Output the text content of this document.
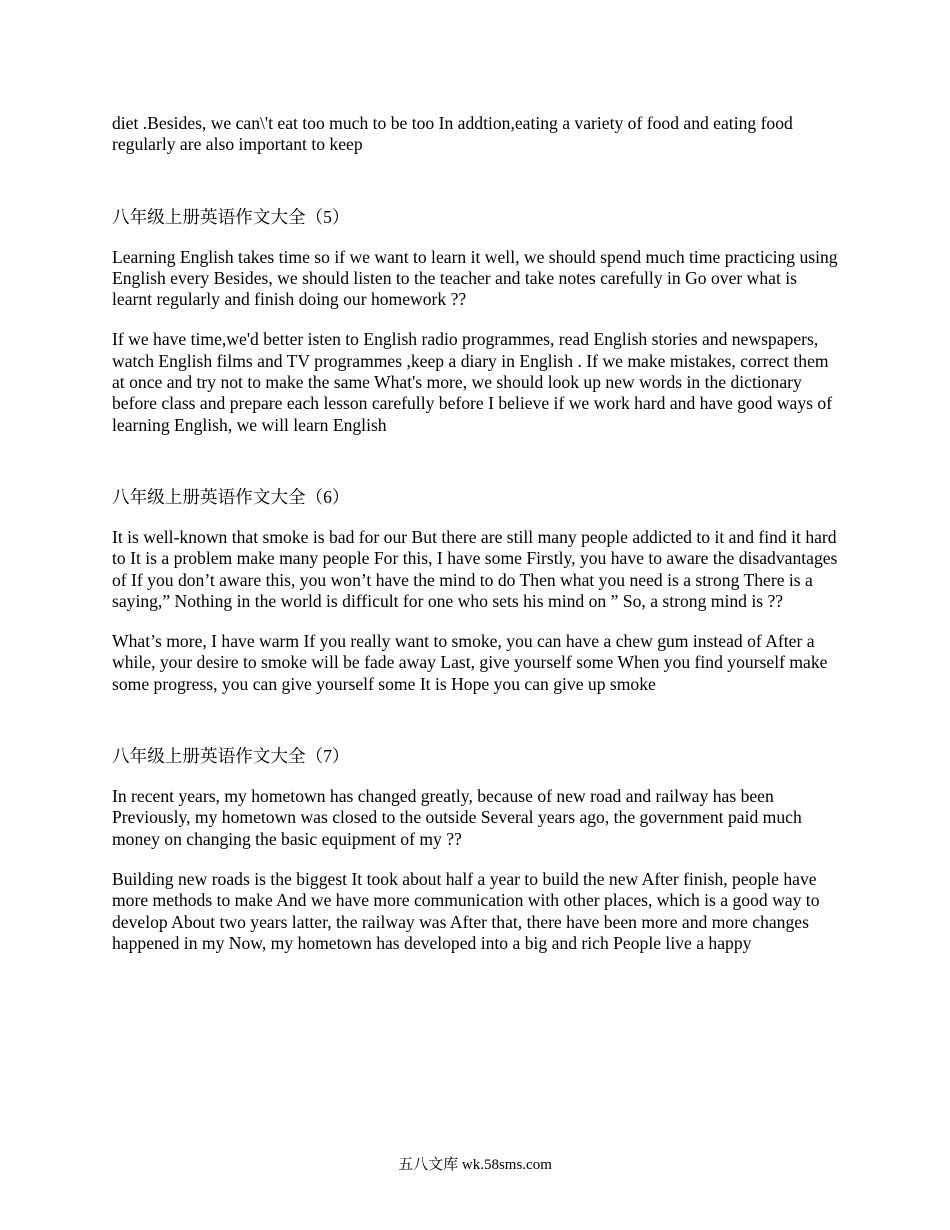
diet .Besides, we can\'t eat too much to be too In addtion,eating a variety of food and eating food regularly are also important to keep

八年级上册英语作文大全（5）

Learning English takes time so if we want to learn it well, we should spend much time practicing using English every Besides, we should listen to the teacher and take notes carefully in Go over what is learnt regularly and finish doing our homework ??

If we have time,we'd better isten to English radio programmes, read English stories and newspapers, watch English films and TV programmes ,keep a diary in English . If we make mistakes, correct them at once and try not to make the same What's more, we should look up new words in the dictionary before class and prepare each lesson carefully before I believe if we work hard and have good ways of learning English, we will learn English

八年级上册英语作文大全（6）

It is well-known that smoke is bad for our But there are still many people addicted to it and find it hard to It is a problem make many people For this, I have some Firstly, you have to aware the disadvantages of If you don’t aware this, you won’t have the mind to do Then what you need is a strong There is a saying,” Nothing in the world is difficult for one who sets his mind on ” So, a strong mind is ??

What’s more, I have warm If you really want to smoke, you can have a chew gum instead of After a while, your desire to smoke will be fade away Last, give yourself some When you find yourself make some progress, you can give yourself some It is Hope you can give up smoke

八年级上册英语作文大全（7）

In recent years, my hometown has changed greatly, because of new road and railway has been Previously, my hometown was closed to the outside Several years ago, the government paid much money on changing the basic equipment of my ??

Building new roads is the biggest It took about half a year to build the new After finish, people have more methods to make And we have more communication with other places, which is a good way to develop About two years latter, the railway was After that, there have been more and more changes happened in my Now, my hometown has developed into a big and rich People live a happy

五八文库 wk.58sms.com
